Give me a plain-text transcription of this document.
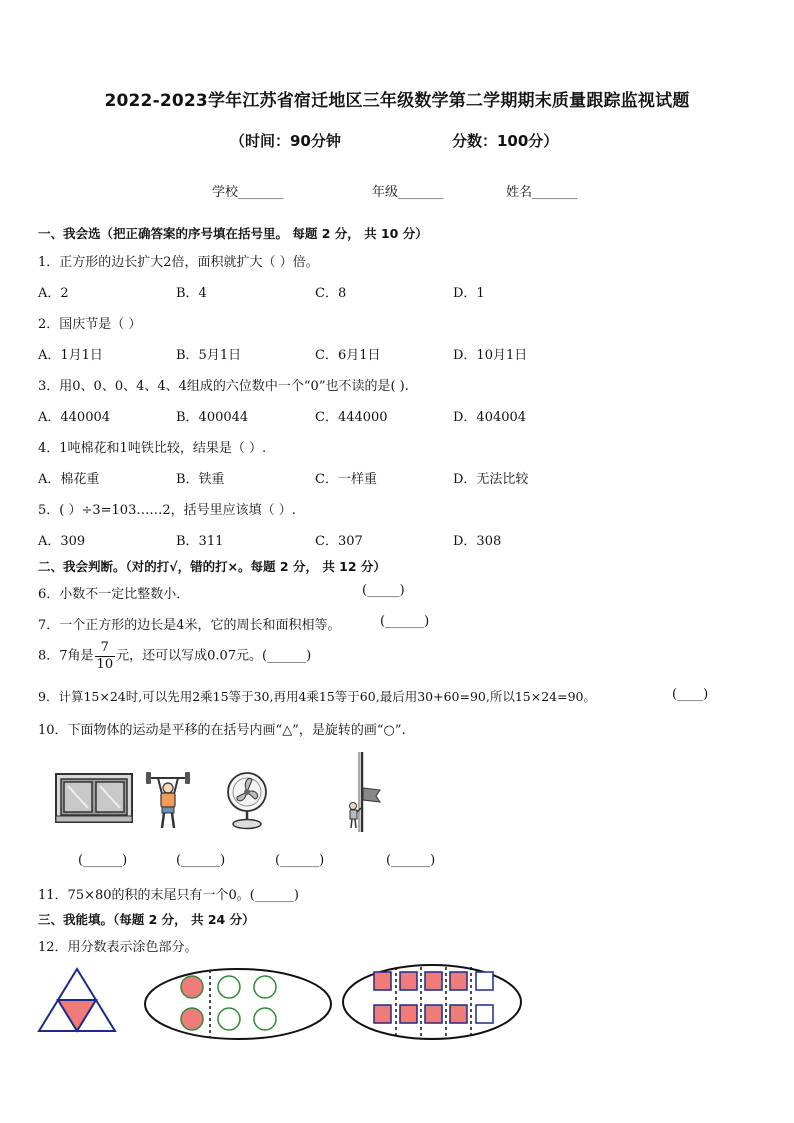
2022-2023学年江苏省宿迁地区三年级数学第二学期期末质量跟踪监视试题
（时间：90分钟	分数：100分）
学校_______	年级_______	姓名_______
一、我会选（把正确答案的序号填在括号里。 每题 2 分， 共 10 分）
1．正方形的边长扩大2倍，面积就扩大（ ）倍。
A．2	B．4	C．8	D．1
2．国庆节是（ ）
A．1月1日	B．5月1日	C．6月1日	D．10月1日
3．用0、0、0、4、4、4组成的六位数中一个“0”也不读的是( ).
A．440004	B．400044	C．444000	D．404004
4．1吨棉花和1吨铁比较，结果是（ ）.
A．棉花重	B．铁重	C．一样重	D．无法比较
5．( ）÷3=103……2，括号里应该填（ ）.
A．309	B．311	C．307	D．308
二、我会判断。（对的打√，错的打×。每题 2 分， 共 12 分）
6．小数不一定比整数小．	(_____)
7．一个正方形的边长是4米，它的周长和面积相等。	(______)
8．7角是 $\frac{7}{10}$ 元，还可以写成0.07元。(______)
9．计算15×24时,可以先用2乘15等于30,再用4乘15等于60,最后用30+60=90,所以15×24=90。	(____)
10．下面物体的运动是平移的在括号内画“△”，是旋转的画“○”.
(______)	(______)	(______)	(______)
11．75×80的积的末尾只有一个0。(______)
三、我能填。（每题 2 分， 共 24 分）
12．用分数表示涂色部分。
